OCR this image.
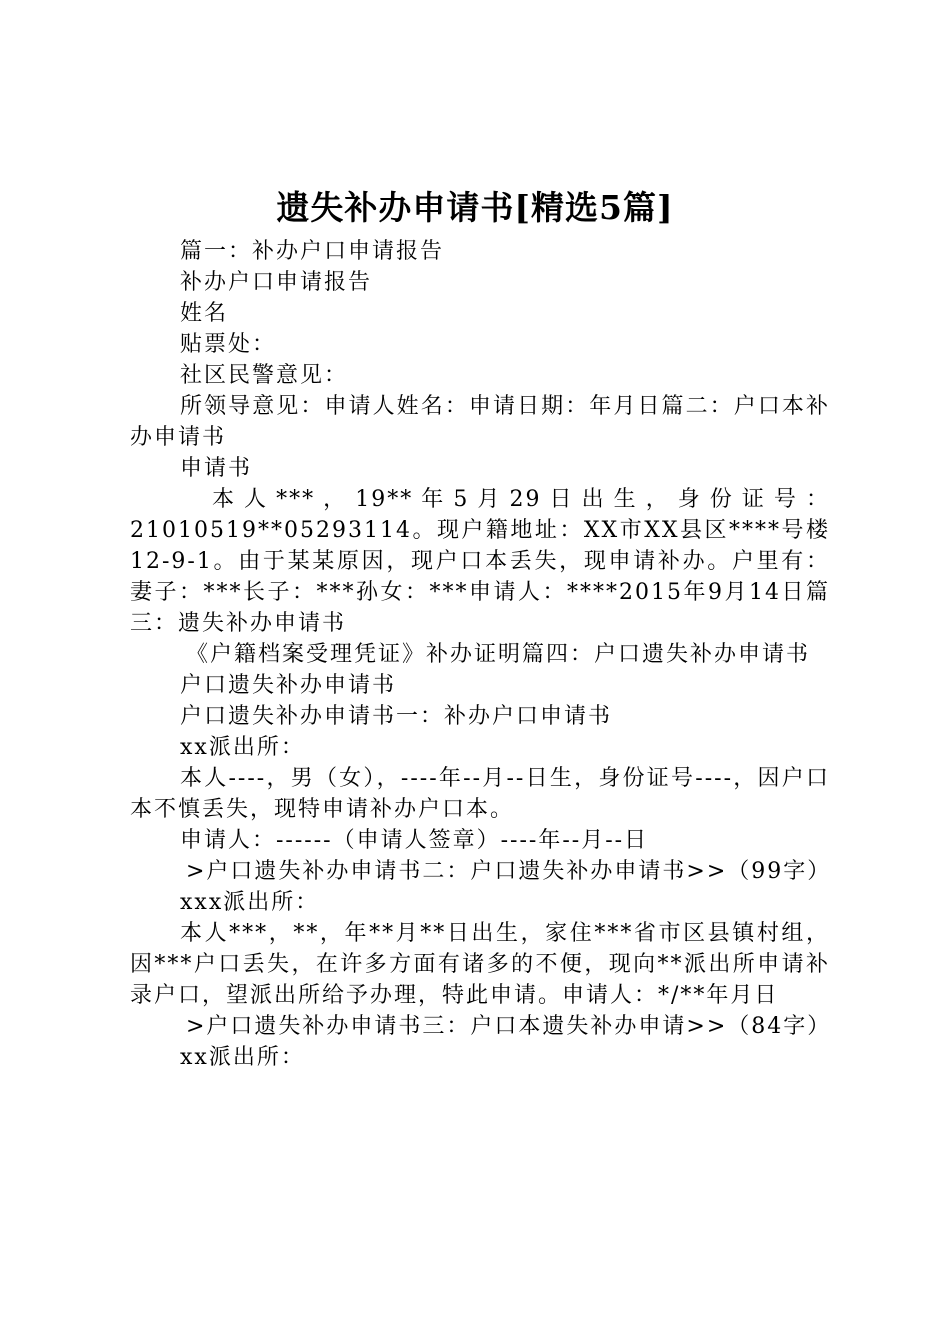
遗失补办申请书[精选5篇]

篇一：补办户口申请报告

补办户口申请报告

姓名

贴票处：

社区民警意见：

所领导意见：申请人姓名：申请日期：年月日篇二：户口本补办申请书

申请书

本人***，19**年5月29日出生，身份证号：21010519**05293114。现户籍地址：XX市XX县区****号楼12-9-1。由于某某原因，现户口本丢失，现申请补办。户里有：妻子：***长子：***孙女：***申请人：****2015年9月14日篇三：遗失补办申请书

《户籍档案受理凭证》补办证明篇四：户口遗失补办申请书

户口遗失补办申请书

户口遗失补办申请书一：补办户口申请书

xx派出所：

本人----，男（女），----年--月--日生，身份证号----，因户口本不慎丢失，现特申请补办户口本。

申请人：------（申请人签章）----年--月--日

>户口遗失补办申请书二：户口遗失补办申请书>>（99字）

xxx派出所：

本人***，**，年**月**日出生，家住***省市区县镇村组，因***户口丢失，在许多方面有诸多的不便，现向**派出所申请补录户口，望派出所给予办理，特此申请。申请人：*/**年月日

>户口遗失补办申请书三：户口本遗失补办申请>>（84字）

xx派出所：
